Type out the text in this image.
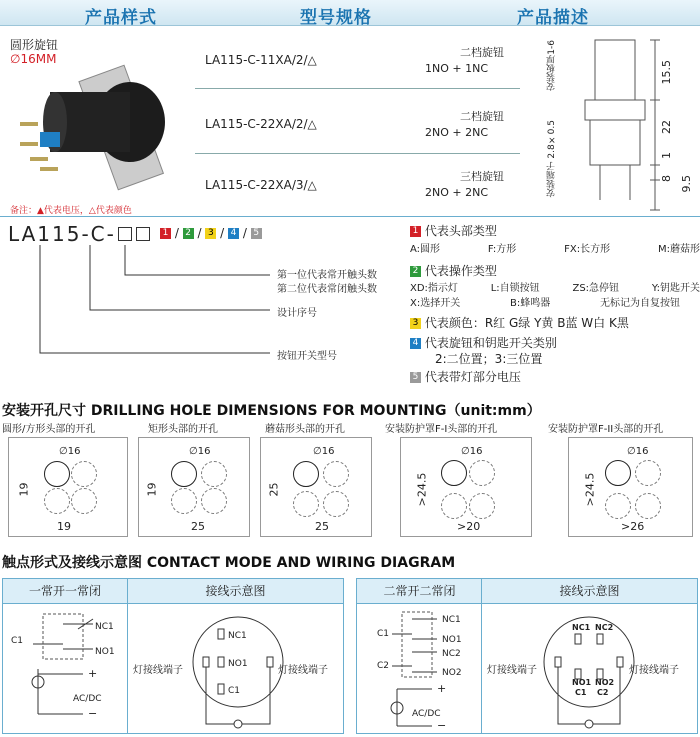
产品样式	型号规格	产品描述
圆形旋钮
∅16MM
备注：▲代表电压，△代表颜色
LA115-C-11XA/2/△
二档旋钮
1NO + 1NC
LA115-C-22XA/2/△
二档旋钮
2NO + 2NC
LA115-C-22XA/3/△
三档旋钮
2NO + 2NC
安装板厚1-6
安装端子 2.8×0.5
15.5
22
1
8 9.5
LA115-C-	1 / 2 / 3 / 4 / 5
第一位代表常开触头数
第二位代表常闭触头数
设计序号
按钮开关型号
1 代表头部类型
A:圆形	F:方形	FX:长方形	M:蘑菇形
2 代表操作类型
XD:指示灯	L:自锁按钮	ZS:急停钮	Y:钥匙开关
X:选择开关	B:蜂鸣器	无标记为自复按钮
3 代表颜色：R红 G绿 Y黄 B蓝 W白 K黑
4 代表旋钮和钥匙开关类别
2:二位置；3:三位置
5 代表带灯部分电压
安装开孔尺寸 DRILLING HOLE DIMENSIONS FOR MOUNTING（unit:mm）
圆形/方形头部的开孔	矩形头部的开孔	蘑菇形头部的开孔	安装防护罩F-I头部的开孔	安装防护罩F-II头部的开孔
∅16
19
19
∅16
19
25
∅16
25
25
∅16
>24.5
>20
∅16
>24.5
>26
触点形式及接线示意图 CONTACT MODE AND WIRING DIAGRAM
一常开一常闭	接线示意图
C1
NC1
NO1
AC/DC
+
−
NC1
NO1
C1
灯接线端子	灯接线端子
二常开二常闭	接线示意图
C1
C2
NC1
NO1
NC2
NO2
AC/DC
+
−
NC1 NC2
NO1 NO2
C1 C2
灯接线端子	灯接线端子
